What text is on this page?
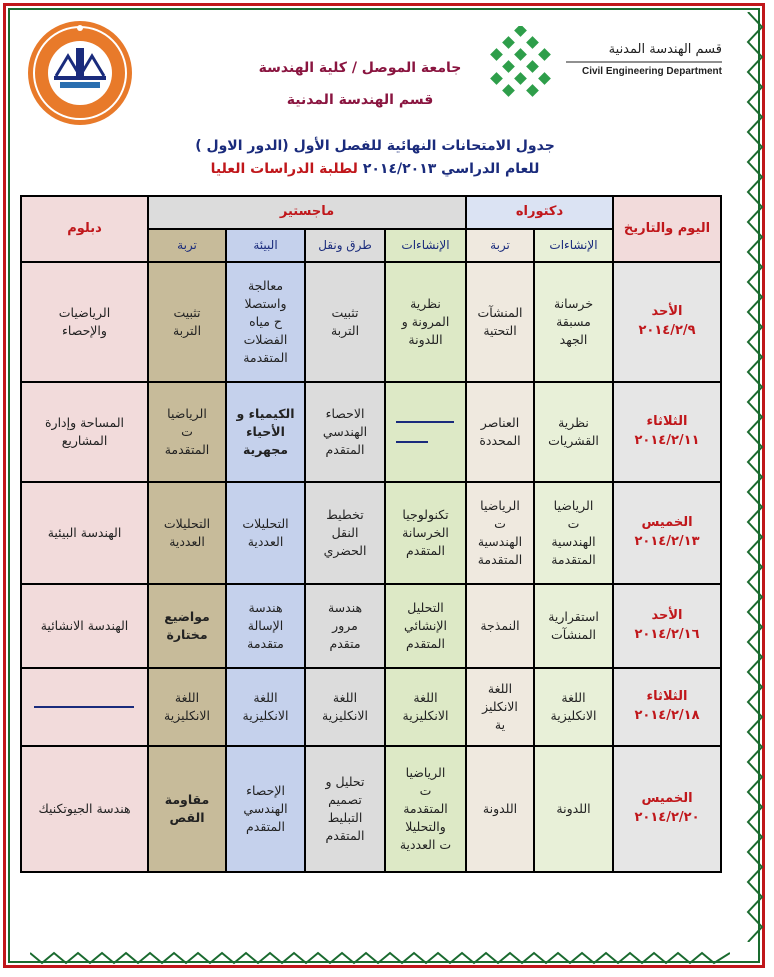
قسم الهندسة المدنية
Civil Engineering Department
جامعة الموصل / كلية الهندسة
قسم الهندسة المدنية
جدول الامتحانات النهائية للفصل الأول (الدور الاول )
للعام الدراسي ٢٠١٤/٢٠١٣ لطلبة الدراسات العليا
اليوم والتاريخ
دكتوراه
ماجستير
دبلوم
الإنشاءات
تربة
الإنشاءات
طرق ونقل
البيئة
تربة
الأحد
٢٠١٤/٢/٩
خرسانة
مسبقة
الجهد
المنشآت
التحتية
نظرية
المرونة و
اللدونة
تثبيت
التربة
معالجة
واستصلا
ح مياه
الفضلات
المتقدمة
تثبيت
التربة
الرياضيات
والإحصاء
الثلاثاء
٢٠١٤/٢/١١
نظرية
القشريات
العناصر
المحددة
الاحصاء
الهندسي
المتقدم
الكيمياء و
الأحياء
مجهرية
الرياضيا
ت
المتقدمة
المساحة وإدارة
المشاريع
الخميس
٢٠١٤/٢/١٣
الرياضيا
ت
الهندسية
المتقدمة
الرياضيا
ت
الهندسية
المتقدمة
تكنولوجيا
الخرسانة
المتقدم
تخطيط
النقل
الحضري
التحليلات
العددية
التحليلات
العددية
الهندسة البيئية
الأحد
٢٠١٤/٢/١٦
استقرارية
المنشآت
النمذجة
التحليل
الإنشائي
المتقدم
هندسة
مرور
متقدم
هندسة
الإسالة
متقدمة
مواضيع
مختارة
الهندسة الانشائية
الثلاثاء
٢٠١٤/٢/١٨
اللغة
الانكليزية
اللغة
الانكليز
ية
اللغة
الانكليزية
اللغة
الانكليزية
اللغة
الانكليزية
اللغة
الانكليزية
الخميس
٢٠١٤/٢/٢٠
اللدونة
اللدونة
الرياضيا
ت
المتقدمة
والتحليلا
ت العددية
تحليل و
تصميم
التبليط
المتقدم
الإحصاء
الهندسي
المتقدم
مقاومة
القص
هندسة الجيوتكنيك
